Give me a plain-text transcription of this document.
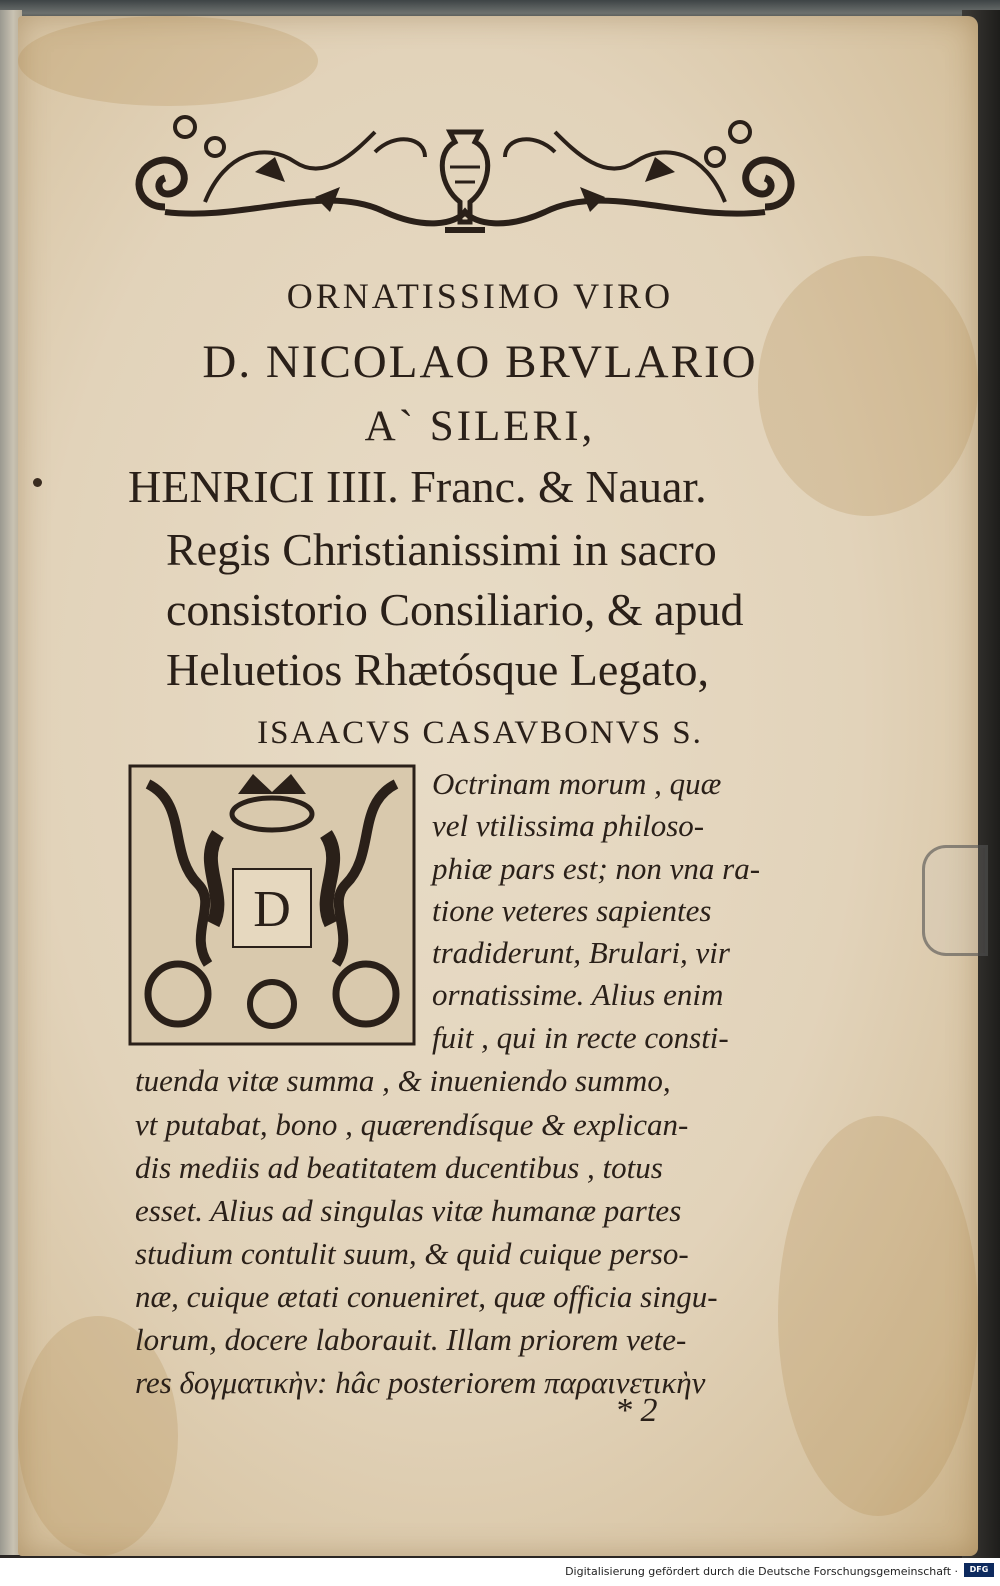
ORNATISSIMO VIRO
D. NICOLAO BRVLARIO
A` SILERI,
HENRICI IIII. Franc. & Nauar.
Regis Christianissimi in sacro
consistorio Consiliario, & apud
Heluetios Rhætósque Legato,
ISAACVS CASAVBONVS S.
D
Octrinam morum , quæ
vel vtilissima philoso-
phiæ pars est; non vna ra-
tione veteres sapientes
tradiderunt, Brulari, vir
ornatissime. Alius enim
fuit , qui in recte consti-
tuenda vitæ summa , & inueniendo summo,
vt putabat, bono , quærendísque & explican-
dis mediis ad beatitatem ducentibus , totus
esset. Alius ad singulas vitæ humanæ partes
studium contulit suum, & quid cuique perso-
næ, cuique ætati conueniret, quæ officia singu-
lorum, docere laborauit. Illam priorem vete-
res δογματικὴν: hâc posteriorem παραινετικὴν
* 2
Digitalisierung gefördert durch die Deutsche Forschungsgemeinschaft ·	DFG
